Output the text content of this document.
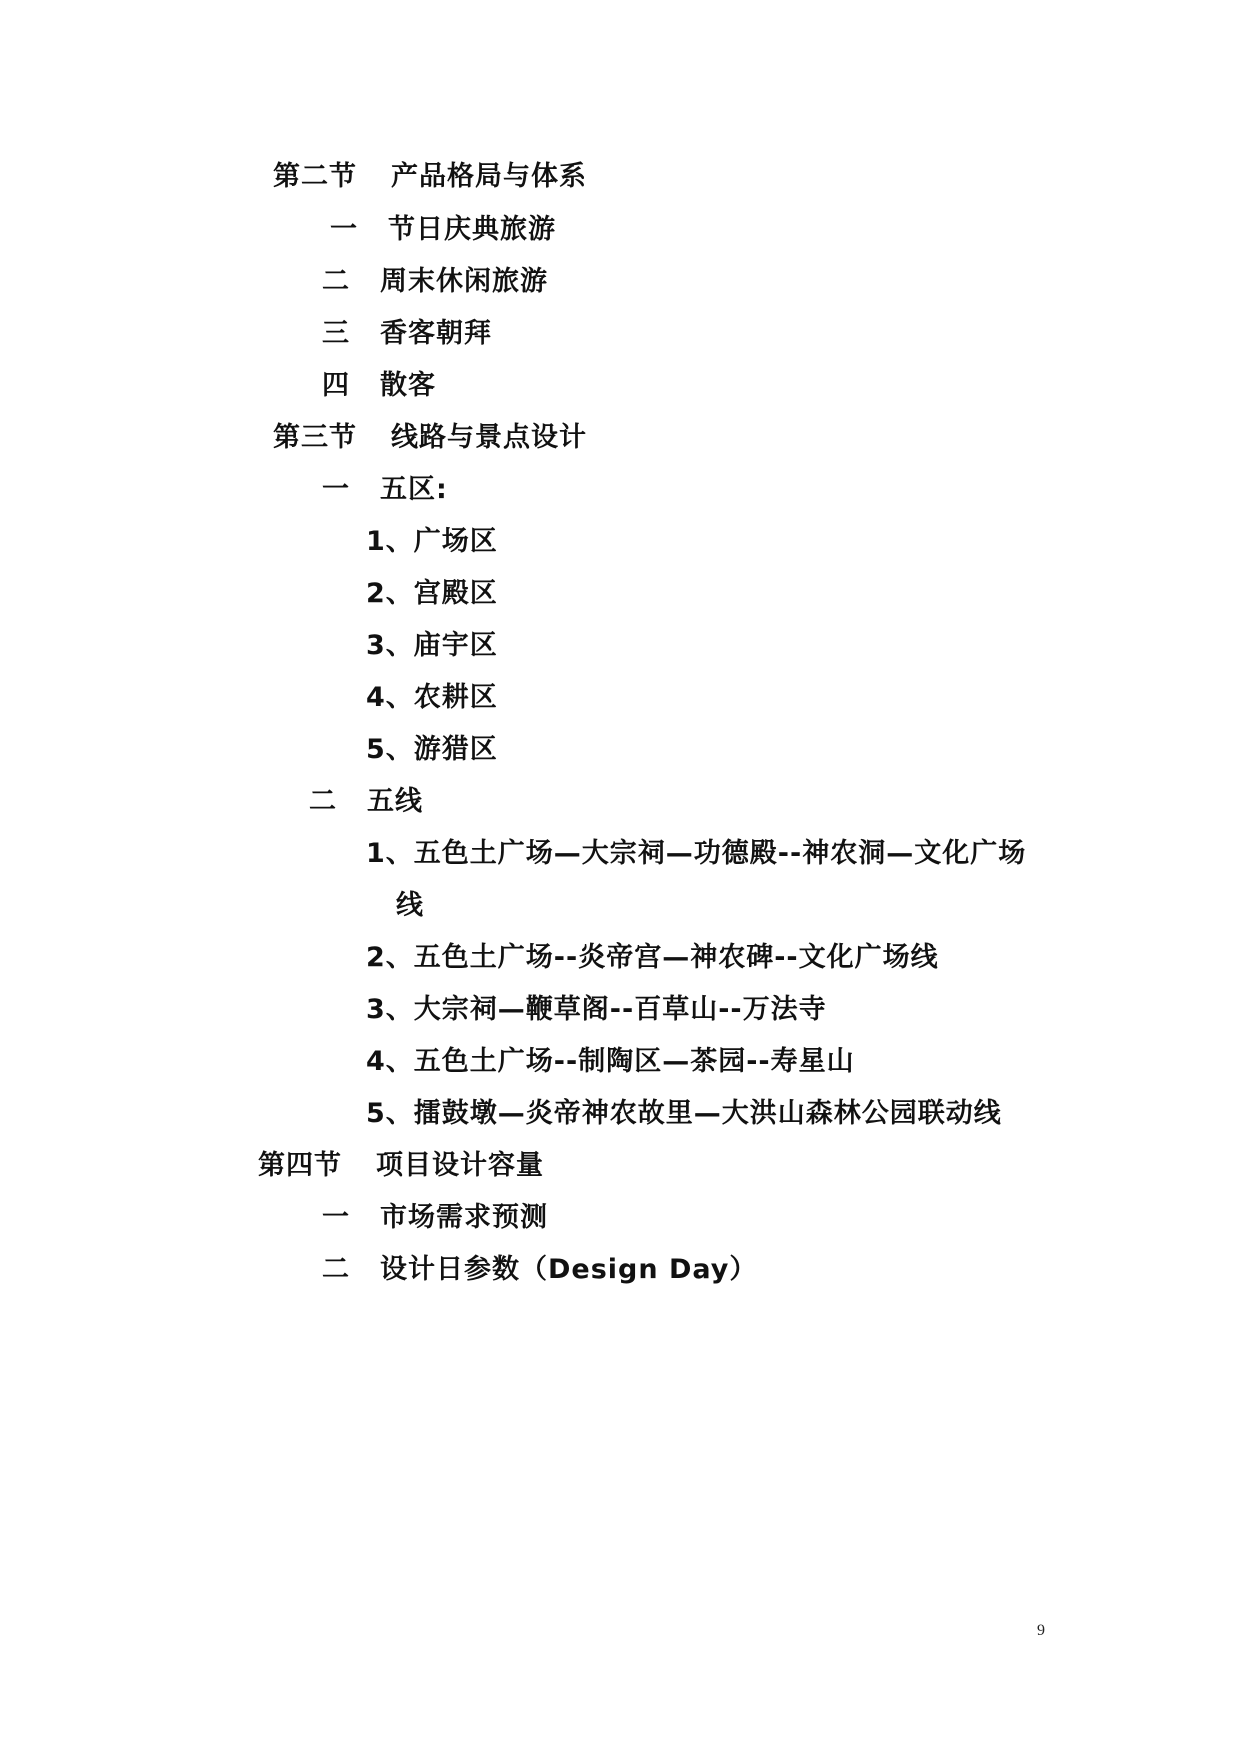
第二节 产品格局与体系
一 节日庆典旅游
二 周末休闲旅游
三 香客朝拜
四 散客
第三节 线路与景点设计
一 五区:
1、广场区
2、宫殿区
3、庙宇区
4、农耕区
5、游猎区
二 五线
1、五色土广场—大宗祠—功德殿--神农洞—文化广场
线
2、五色土广场--炎帝宫—神农碑--文化广场线
3、大宗祠—鞭草阁--百草山--万法寺
4、五色土广场--制陶区—茶园--寿星山
5、擂鼓墩—炎帝神农故里—大洪山森林公园联动线
第四节 项目设计容量
一 市场需求预测
二 设计日参数（Design Day）
9
